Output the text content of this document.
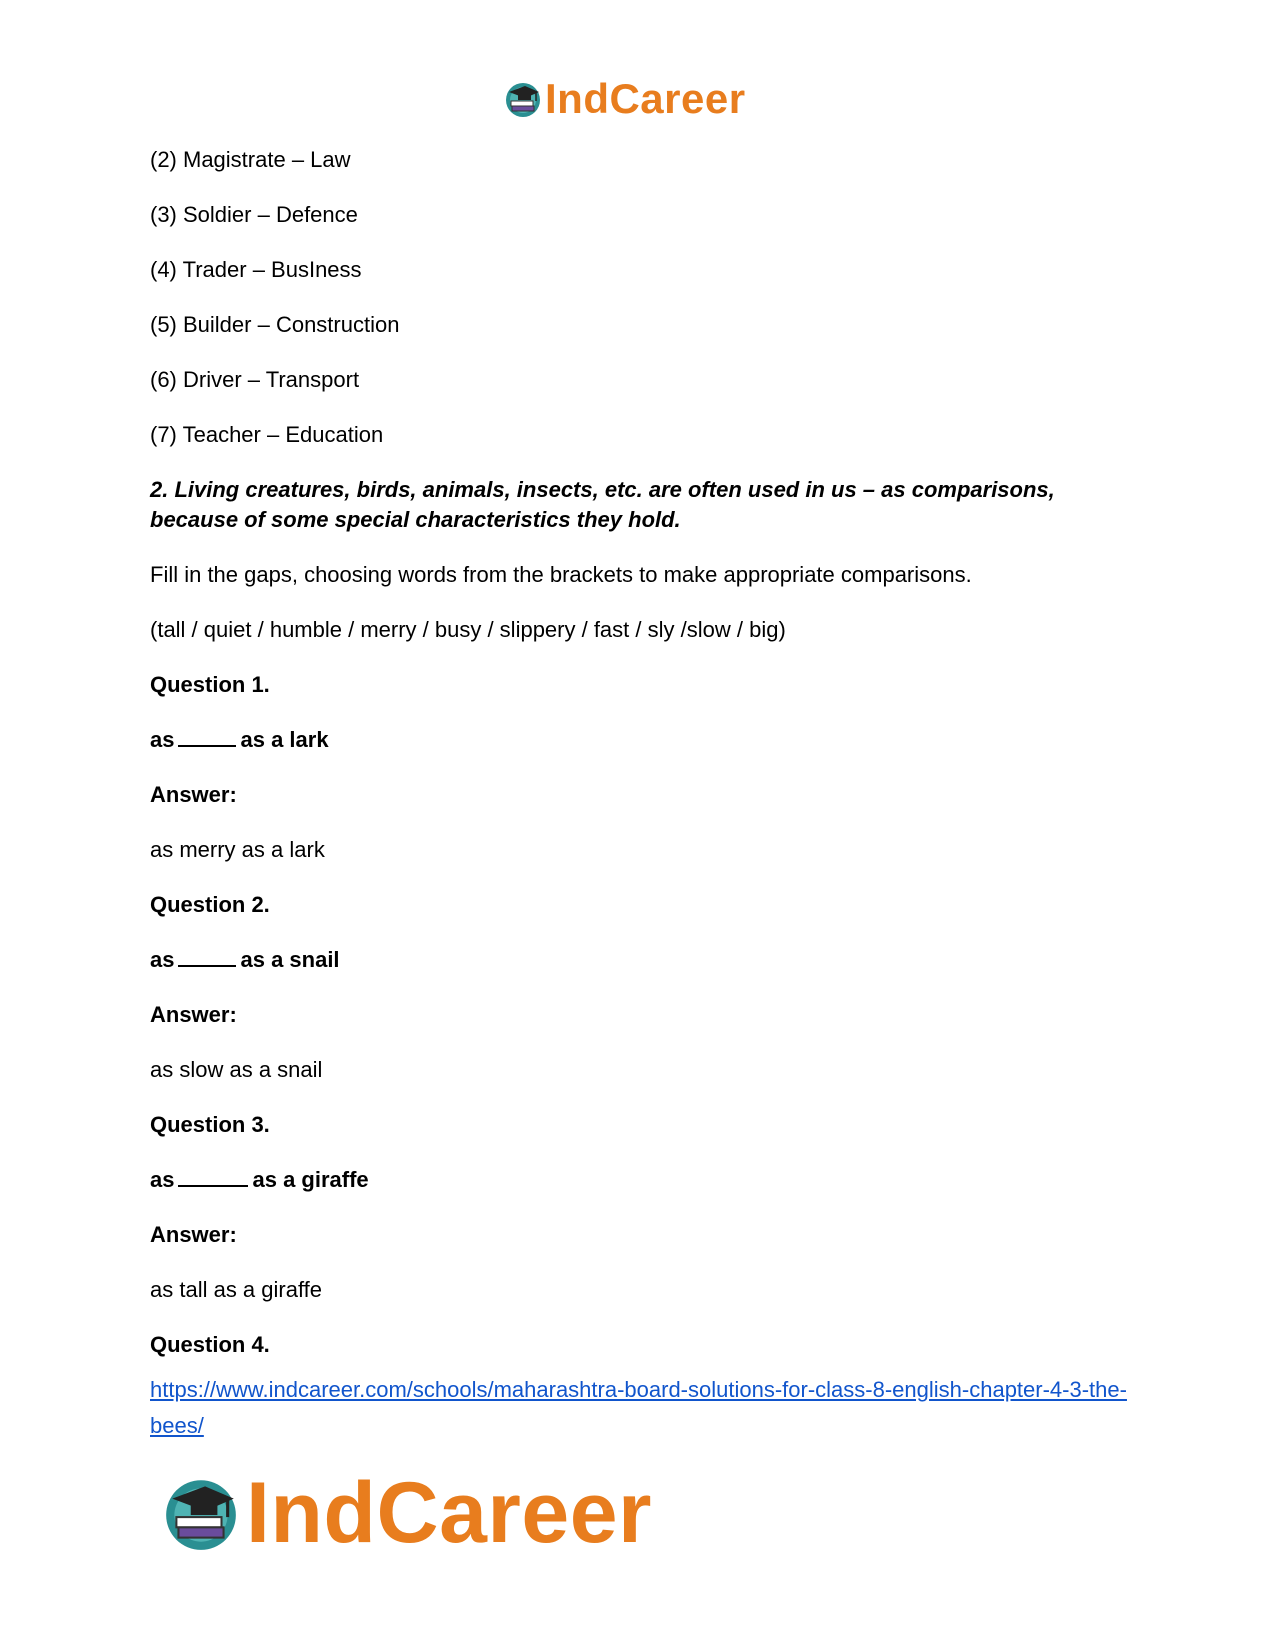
IndCareer

(2) Magistrate – Law

(3) Soldier – Defence

(4) Trader – BusIness

(5) Builder – Construction

(6) Driver – Transport

(7) Teacher – Education

2. Living creatures, birds, animals, insects, etc. are often used in us – as comparisons, because of some special characteristics they hold.

Fill in the gaps, choosing words from the brackets to make appropriate comparisons.

(tall / quiet / humble / merry / busy / slippery / fast / sly /slow / big)

Question 1.

as	as a lark

Answer:

as merry as a lark

Question 2.

as	as a snail

Answer:

as slow as a snail

Question 3.

as	as a giraffe

Answer:

as tall as a giraffe

Question 4.

https://www.indcareer.com/schools/maharashtra-board-solutions-for-class-8-english-chapter-4-3-the-bees/

IndCareer
